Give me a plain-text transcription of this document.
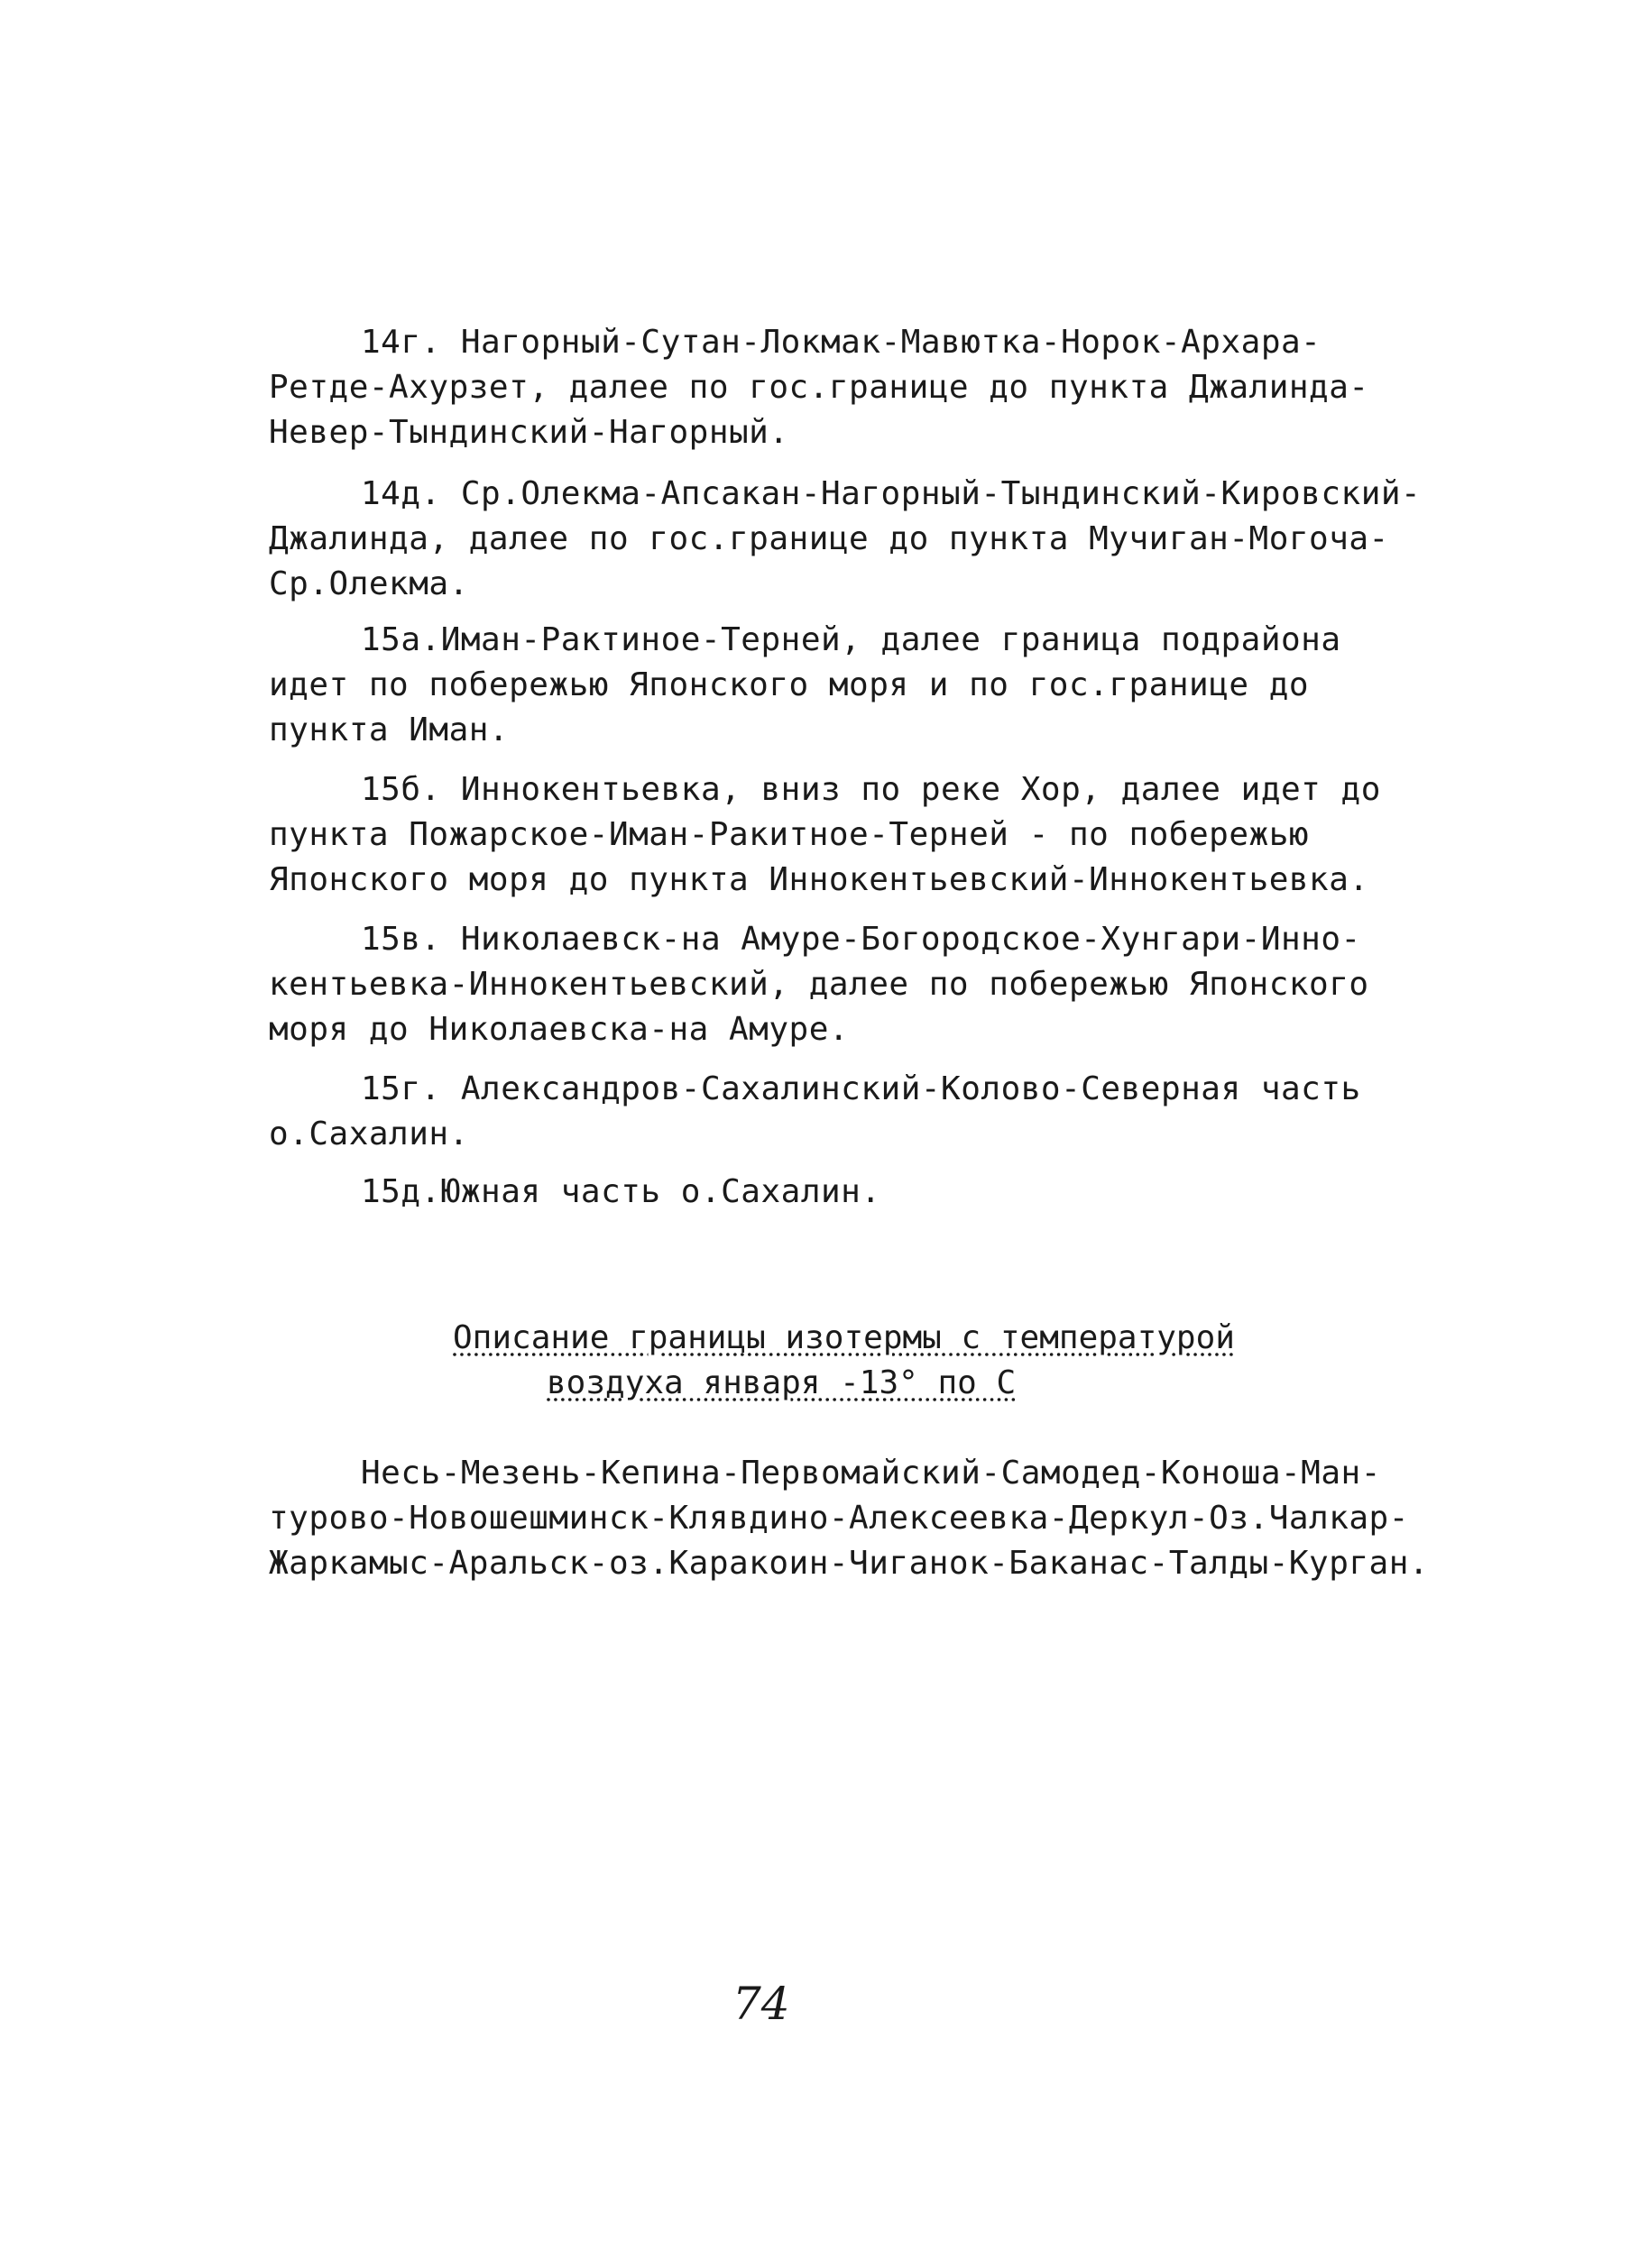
14г. Нагорный-Сутан-Локмак-Мавютка-Норок-Архара-
Ретде-Ахурзет, далее по гос.границе до пункта Джалинда-
Невер-Тындинский-Нагорный.
14д. Ср.Олекма-Апсакан-Нагорный-Тындинский-Кировский-
Джалинда, далее по гос.границе до пункта Мучиган-Могоча-
Ср.Олекма.
15а.Иман-Рактиное-Терней, далее граница подрайона
идет по побережью Японского моря и по гос.границе до
пункта Иман.
15б. Иннокентьевка, вниз по реке Хор, далее идет до
пункта Пожарское-Иман-Ракитное-Терней - по побережью
Японского моря до пункта Иннокентьевский-Иннокентьевка.
15в. Николаевск-на Амуре-Богородское-Хунгари-Инно-
кентьевка-Иннокентьевский, далее по побережью Японского
моря до Николаевска-на Амуре.
15г. Александров-Сахалинский-Колово-Северная часть
о.Сахалин.
15д.Южная часть о.Сахалин.
Описание границы изотермы с температурой
воздуха января -13° по С
Несь-Мезень-Кепина-Первомайский-Самодед-Коноша-Ман-
турово-Новошешминск-Клявдино-Алексеевка-Деркул-Оз.Чалкар-
Жаркамыс-Аральск-оз.Каракоин-Чиганок-Баканас-Талды-Курган.
74
